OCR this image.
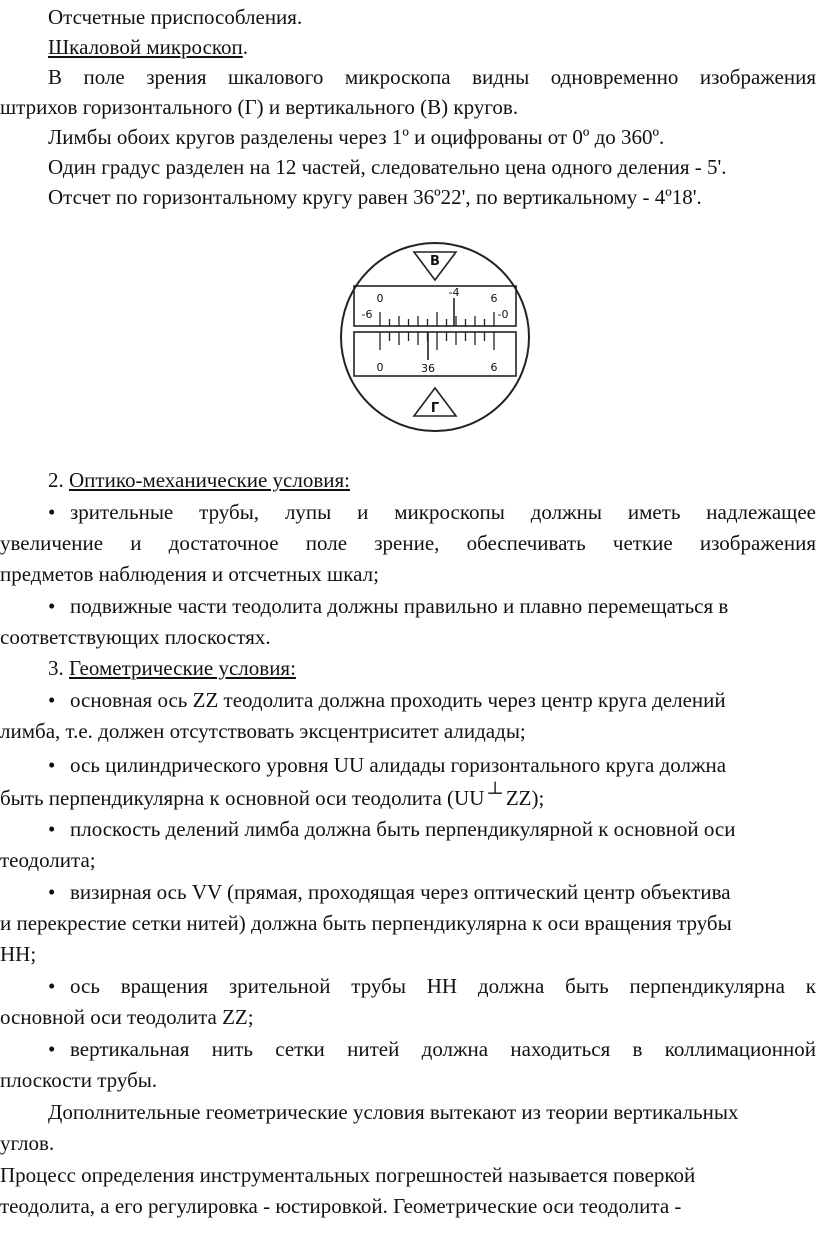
Отсчетные приспособления.
Шкаловой микроскоп.
В поле зрения шкалового микроскопа видны одновременно изображения
штрихов горизонтального (Г) и вертикального (В) кругов.
Лимбы обоих кругов разделены через 1º и оцифрованы от 0º до 360º.
Один градус разделен на 12 частей, следовательно цена одного деления - 5'.
Отсчет по горизонтальному кругу равен 36º22', по вертикальному - 4º18'.
В
0
-6
-4	6
-0
0	36	6
Г
2. Оптико-механические условия:
• зрительные трубы, лупы и микроскопы должны иметь надлежащее
увеличение и достаточное поле зрение, обеспечивать четкие изображения
предметов наблюдения и отсчетных шкал;
• подвижные части теодолита должны правильно и плавно перемещаться в
соответствующих плоскостях.
3. Геометрические условия:
• основная ось ZZ теодолита должна проходить через центр круга делений
лимба, т.е. должен отсутствовать эксцентриситет алидады;
• ось цилиндрического уровня UU алидады горизонтального круга должна
быть перпендикулярна к основной оси теодолита (UU ┴ ZZ);
• плоскость делений лимба должна быть перпендикулярной к основной оси
теодолита;
• визирная ось VV (прямая, проходящая через оптический центр объектива
и перекрестие сетки нитей) должна быть перпендикулярна к оси вращения трубы
НН;
• ось вращения зрительной трубы НН должна быть перпендикулярна к
основной оси теодолита ZZ;
• вертикальная нить сетки нитей должна находиться в коллимационной
плоскости трубы.
Дополнительные геометрические условия вытекают из теории вертикальных
углов.
Процесс определения инструментальных погрешностей называется поверкой
теодолита, а его регулировка - юстировкой. Геометрические оси теодолита -
